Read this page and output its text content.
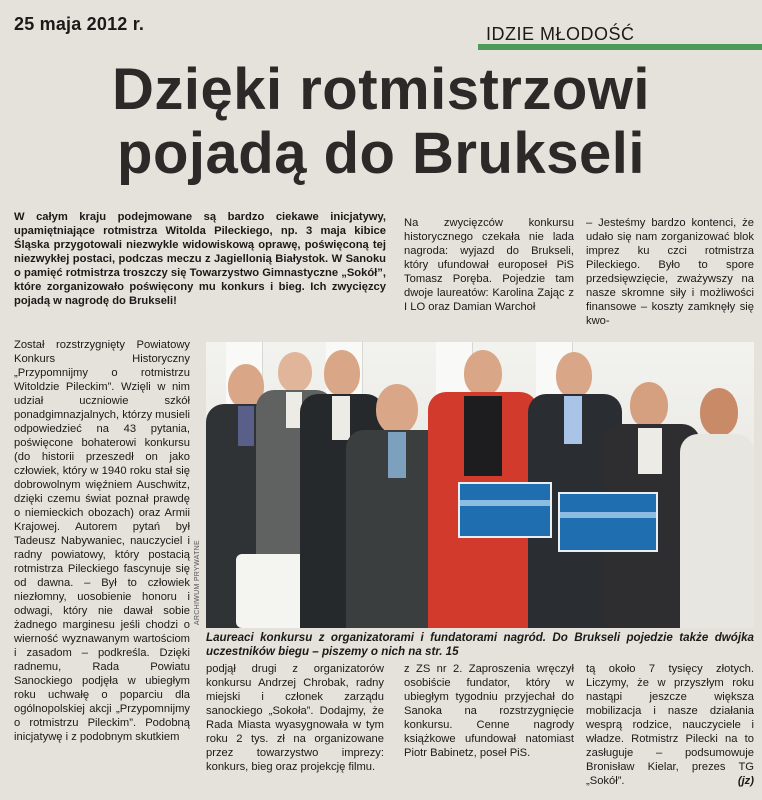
25 maja 2012 r.	IDZIE MŁODOŚĆ
Dzięki rotmistrzowi
pojadą do Brukseli
W całym kraju podejmowane są bardzo ciekawe inicjatywy, upamiętniające rotmistrza Witolda Pileckiego, np. 3 maja kibice Śląska przygotowali niezwykle widowiskową oprawę, poświęconą tej niezwykłej postaci, podczas meczu z Jagiellonią Białystok. W Sanoku o pamięć rotmistrza troszczy się Towarzystwo Gimnastyczne „Sokół”, które zorganizowało poświęcony mu konkurs i bieg. Ich zwycięzcy pojadą w nagrodę do Brukseli!
Na zwycięzców konkursu historycznego czekała nie lada nagroda: wyjazd do Brukseli, który ufundował europoseł PiS Tomasz Poręba. Pojedzie tam dwoje laureatów: Karolina Zając z I LO oraz Damian Warchoł
– Jesteśmy bardzo kontenci, że udało się nam zorganizować blok imprez ku czci rotmistrza Pileckiego. Było to spore przedsięwzięcie, zważywszy na nasze skromne siły i możliwości finansowe – koszty zamknęły się kwo-
Został rozstrzygnięty Powiatowy Konkurs Historyczny „Przypomnijmy o rotmistrzu Witoldzie Pileckim”. Wzięli w nim udział uczniowie szkół ponadgimnazjalnych, którzy musieli odpowiedzieć na 43 pytania, poświęcone bohaterowi konkursu (do historii przeszedł on jako człowiek, który w 1940 roku stał się dobrowolnym więźniem Auschwitz, dzięki czemu świat poznał prawdę o niemieckich obozach) oraz Armii Krajowej. Autorem pytań był Tadeusz Nabywaniec, nauczyciel i radny powiatowy, który postacią rotmistrza Pileckiego fascynuje się od dawna. – Był to człowiek niezłomny, uosobienie honoru i odwagi, który nie dawał sobie żadnego marginesu jeśli chodzi o wierność wyznawanym wartościom i zasadom – podkreśla. Dzięki radnemu, Rada Powiatu Sanockiego podjęła w ubiegłym roku uchwałę o poparciu dla ogólnopolskiej akcji „Przypomnijmy o rotmistrzu Pileckim”. Podobną inicjatywę i z podobnym skutkiem
ARCHIWUM PRYWATNE
Laureaci konkursu z organizatorami i fundatorami nagród. Do Brukseli pojedzie także dwójka uczestników biegu – piszemy o nich na str. 15
podjął drugi z organizatorów konkursu Andrzej Chrobak, radny miejski i członek zarządu sanockiego „Sokoła”. Dodajmy, że Rada Miasta wyasygnowała w tym roku 2 tys. zł na organizowane przez towarzystwo imprezy: konkurs, bieg oraz projekcję filmu.
z ZS nr 2. Zaproszenia wręczył osobiście fundator, który w ubiegłym tygodniu przyjechał do Sanoka na rozstrzygnięcie konkursu. Cenne nagrody książkowe ufundował natomiast Piotr Babinetz, poseł PiS.
tą około 7 tysięcy złotych. Liczymy, że w przyszłym roku nastąpi jeszcze większa mobilizacja i nasze działania wesprą rodzice, nauczyciele i władze. Rotmistrz Pilecki na to zasługuje – podsumowuje Bronisław Kielar, prezes TG „Sokół”.	(jz)
